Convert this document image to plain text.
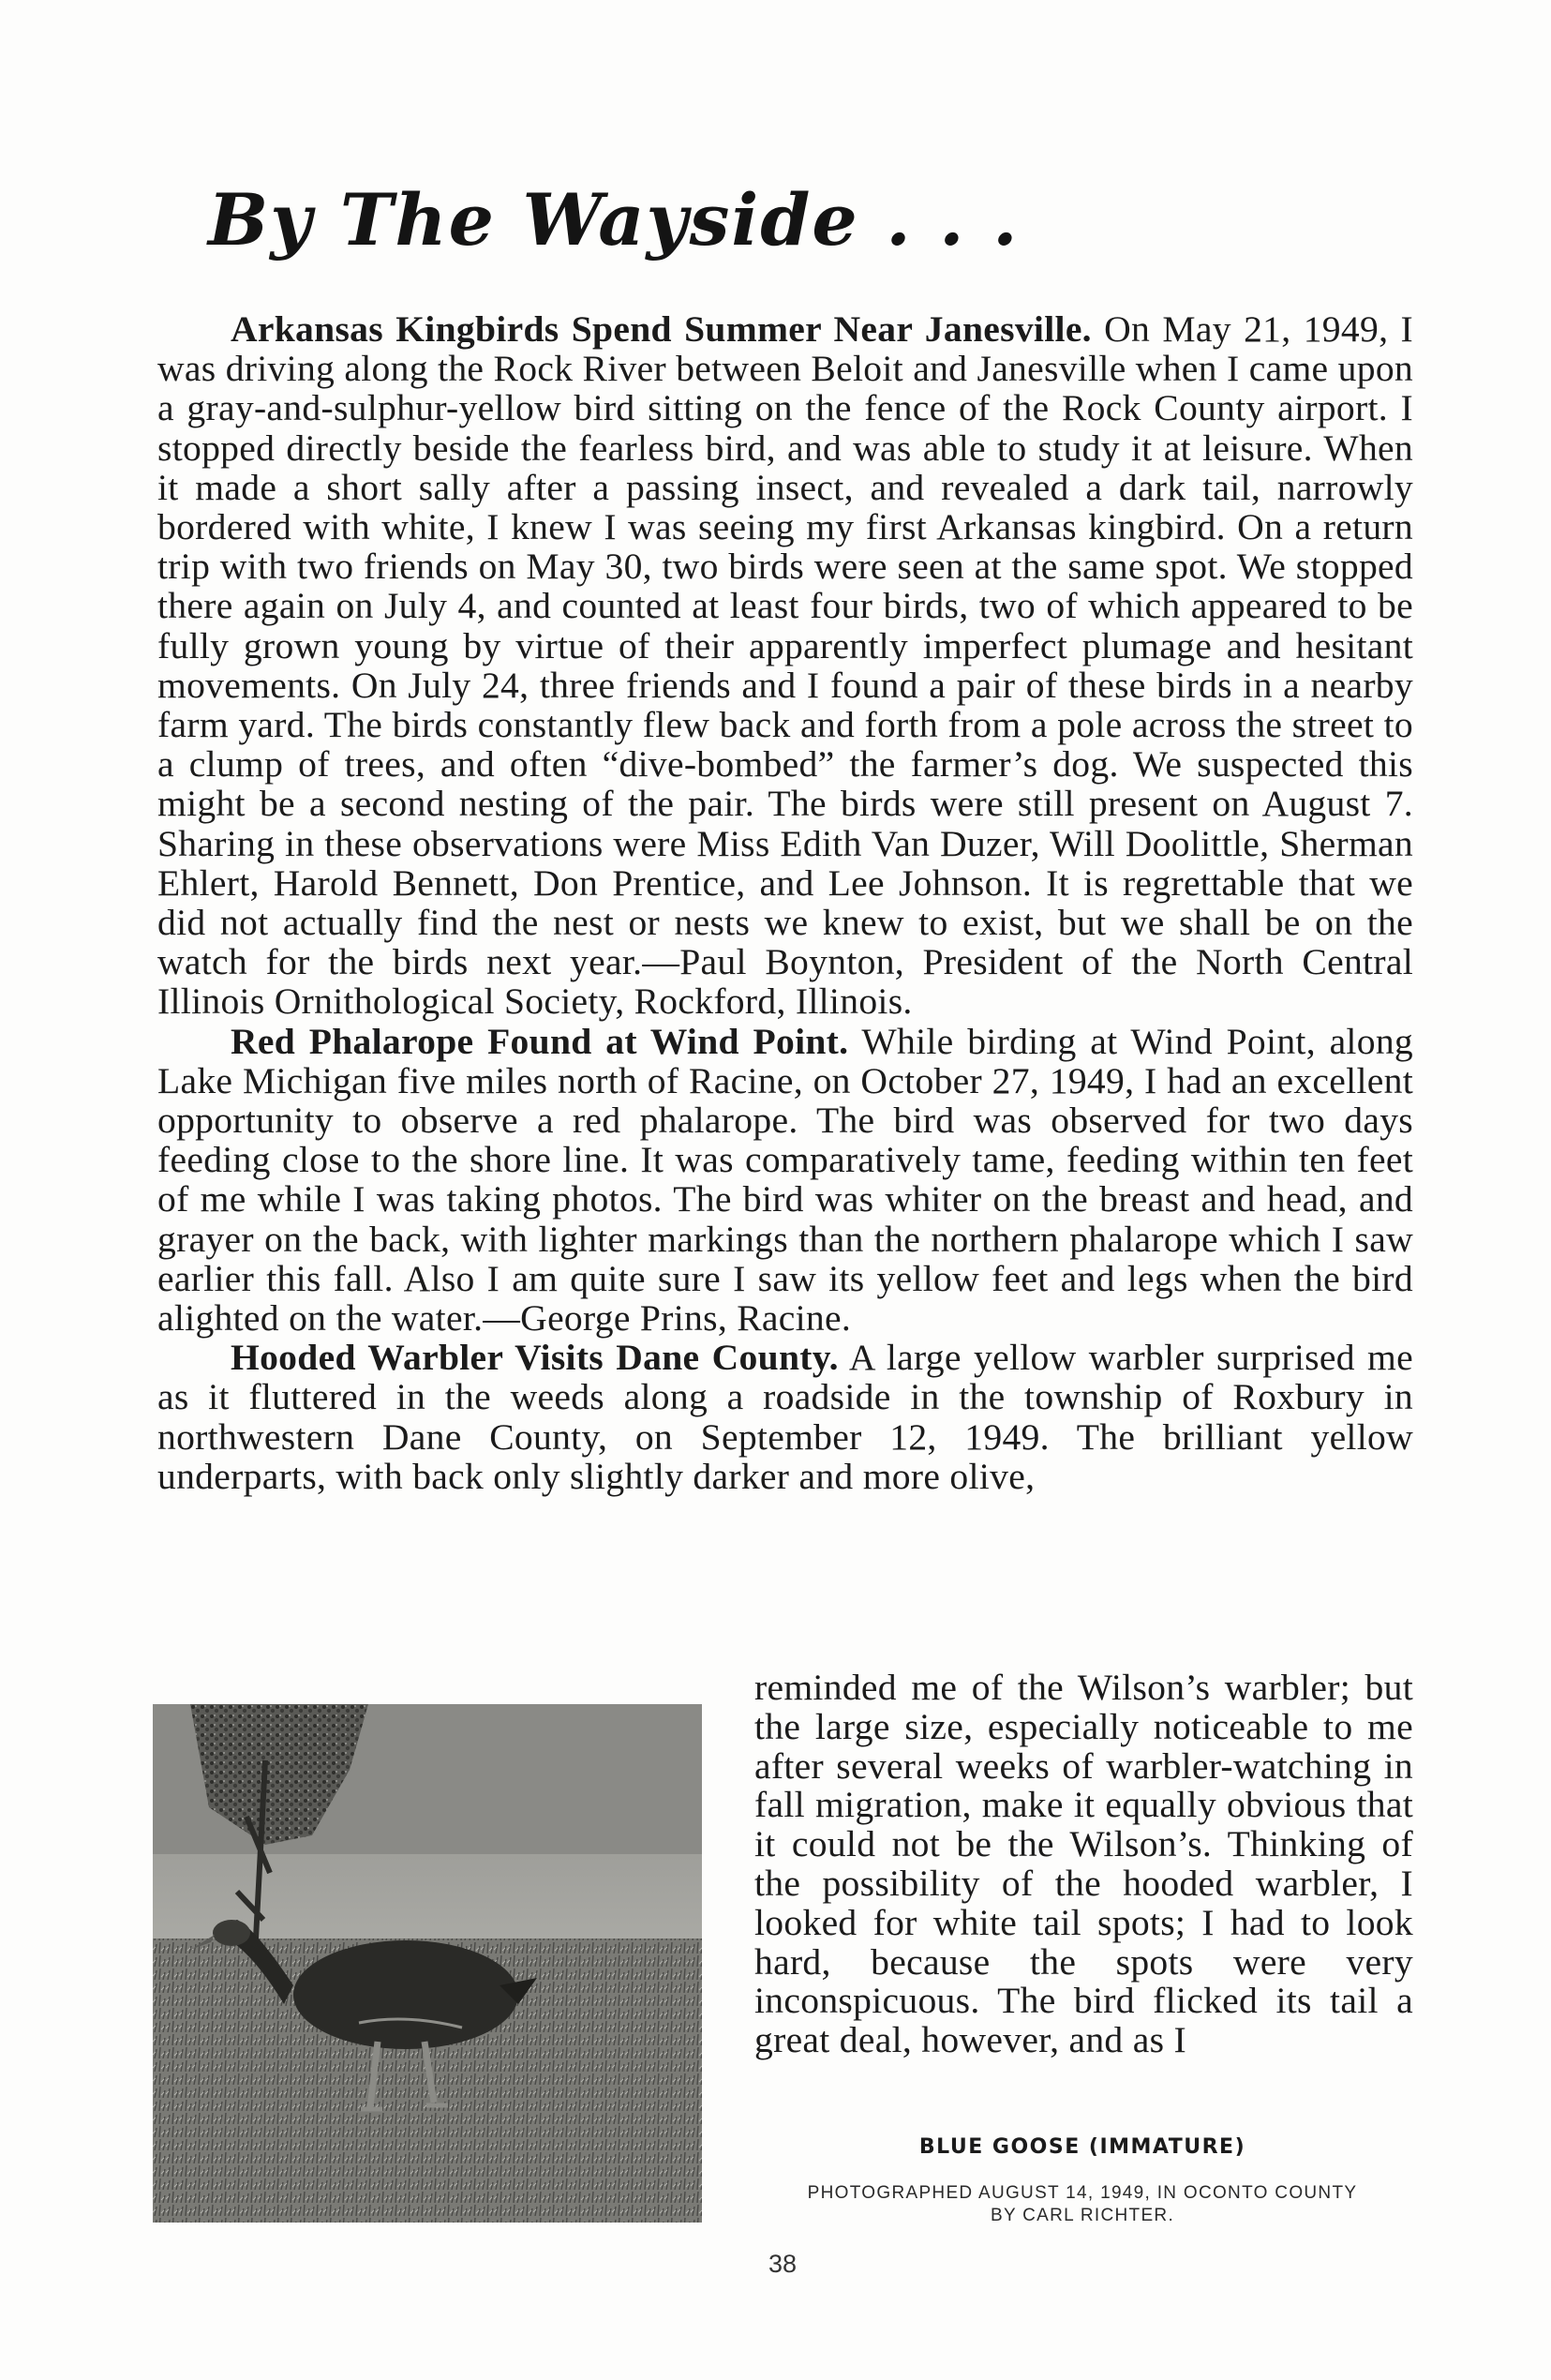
By The Wayside . . .

Arkansas Kingbirds Spend Summer Near Janesville. On May 21, 1949, I was driving along the Rock River between Beloit and Janesville when I came upon a gray-and-sulphur-yellow bird sitting on the fence of the Rock County airport. I stopped directly beside the fearless bird, and was able to study it at leisure. When it made a short sally after a passing insect, and revealed a dark tail, narrowly bordered with white, I knew I was seeing my first Arkansas kingbird. On a return trip with two friends on May 30, two birds were seen at the same spot. We stopped there again on July 4, and counted at least four birds, two of which appeared to be fully grown young by virtue of their apparently imperfect plumage and hesitant movements. On July 24, three friends and I found a pair of these birds in a nearby farm yard. The birds constantly flew back and forth from a pole across the street to a clump of trees, and often “dive-bombed” the farmer’s dog. We suspected this might be a second nesting of the pair. The birds were still present on August 7. Sharing in these observations were Miss Edith Van Duzer, Will Doolittle, Sherman Ehlert, Harold Bennett, Don Prentice, and Lee Johnson. It is regrettable that we did not actually find the nest or nests we knew to exist, but we shall be on the watch for the birds next year.—Paul Boynton, President of the North Central Illinois Ornithological Society, Rockford, Illinois.

Red Phalarope Found at Wind Point. While birding at Wind Point, along Lake Michigan five miles north of Racine, on October 27, 1949, I had an excellent opportunity to observe a red phalarope. The bird was observed for two days feeding close to the shore line. It was comparatively tame, feeding within ten feet of me while I was taking photos. The bird was whiter on the breast and head, and grayer on the back, with lighter markings than the northern phalarope which I saw earlier this fall. Also I am quite sure I saw its yellow feet and legs when the bird alighted on the water.—George Prins, Racine.

Hooded Warbler Visits Dane County. A large yellow warbler surprised me as it fluttered in the weeds along a roadside in the township of Roxbury in northwestern Dane County, on September 12, 1949. The brilliant yellow underparts, with back only slightly darker and more olive,

reminded me of the Wilson’s warbler; but the large size, especially noticeable to me after several weeks of warbler-watching in fall migration, make it equally obvious that it could not be the Wilson’s. Thinking of the possibility of the hooded warbler, I looked for white tail spots; I had to look hard, because the spots were very inconspicuous. The bird flicked its tail a great deal, however, and as I
BLUE GOOSE (IMMATURE)
PHOTOGRAPHED AUGUST 14, 1949, IN OCONTO COUNTY
BY CARL RICHTER.
38
